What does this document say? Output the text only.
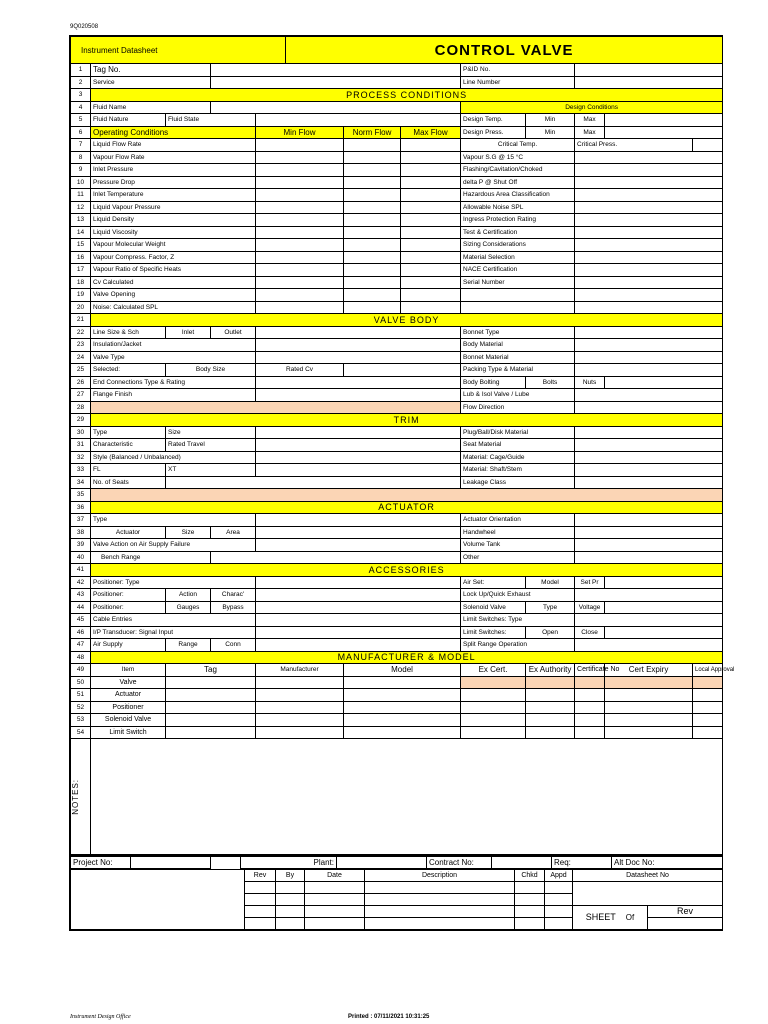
9Q020508
Instrument Datasheet					CONTROL VALVE							
1	Tag No.							P&ID No.				
2	Service							Line Number				
3	PROCESS CONDITIONS											
4	Fluid Name							Design Conditions				
5	Fluid Nature	Fluid State						Design Temp.	Min	Max		
6	Operating Conditions			Min Flow		Norm Flow	Max Flow	Design Press.	Min	Max		
7	Liquid Flow Rate							Critical Temp.		Critical Press.		
8	Vapour Flow Rate							Vapour S.G @ 15 °C				
9	Inlet Pressure							Flashing/Cavitation/Choked				
10	Pressure Drop							delta P @ Shut Off				
11	Inlet Temperature							Hazardous Area Classification				
12	Liquid Vapour Pressure							Allowable Noise SPL				
13	Liquid Density							Ingress Protection Rating				
14	Liquid Viscosity							Test & Certification				
15	Vapour Molecular Weight							Sizing Considerations				
16	Vapour Compress. Factor, Z							Material Selection				
17	Vapour Ratio of Specific Heats							NACE Certification				
18	Cv Calculated							Serial Number				
19	Valve Opening											
20	Noise: Calculated SPL											
21	VALVE BODY											
22	Line Size & Sch	Inlet	Outlet					Bonnet Type				
23	Insulation/Jacket							Body Material				
24	Valve Type							Bonnet Material				
25	Selected:	Body Size		Rated Cv				Packing Type & Material				
26	End Connections Type & Rating							Body Bolting	Bolts	Nuts		
27	Flange Finish							Lub & Isol Valve / Lube				
28								Flow Direction				
29	TRIM											
30	Type	Size						Plug/Ball/Disk Material				
31	Characteristic	Rated Travel						Seat Material				
32	Style (Balanced / Unbalanced)							Material: Cage/Guide				
33	FL	XT						Material: Shaft/Stem				
34	No. of Seats							Leakage Class				
35												
36	ACTUATOR											
37	Type							Actuator Orientation				
38	Actuator	Size	Area					Handwheel				
39	Valve Action on Air Supply Failure							Volume Tank				
40	Bench Range							Other				
41	ACCESSORIES											
42	Positioner: Type							Air Set:	Model	Set Pr		
43	Positioner:	Action	Charac'					Lock Up/Quick Exhaust				
44	Positioner:	Gauges	Bypass					Solenoid Valve	Type	Voltage		
45	Cable Entries							Limit Switches: Type				
46	I/P Transducer: Signal Input							Limit Switches:	Open	Close		
47	Air Supply	Range	Conn					Split Range Operation				
48	MANUFACTURER & MODEL											
49	Item	Tag		Manufacturer		Model		Ex Cert.	Ex Authority	Certificate No	Cert Expiry	Local Approval
50	Valve											
51	Actuator											
52	Positioner											
53	Solenoid Valve											
54	Limit Switch											

NOTES:												

Project No:			Plant:		Contract No:		Req:	Alt Doc No:
	Rev	By	Date	Description	Chkd	Appd	Datasheet No	

							SHEET Of	Rev

Instrument Design Office	Printed : 07/11/2021 10:31:25
